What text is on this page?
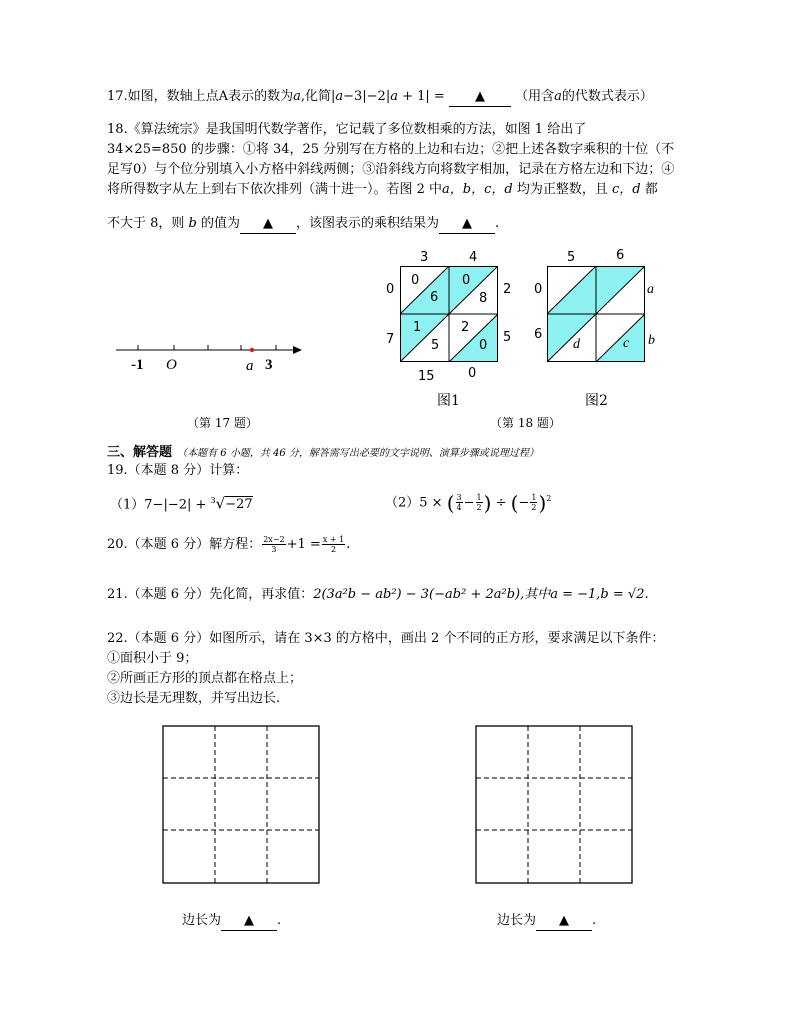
17.如图，数轴上点A表示的数为a,化简|a−3|−2|a + 1| = ▲ （用含a的代数式表示）
18.《算法统宗》是我国明代数学著作，它记载了多位数相乘的方法，如图 1 给出了
34×25=850 的步骤：①将 34，25 分别写在方格的上边和右边；②把上述各数字乘积的十位（不
足写0）与个位分别填入小方格中斜线两侧；③沿斜线方向将数字相加，记录在方格左边和下边；④
将所得数字从左上到右下依次排列（满十进一）。若图 2 中a，b，c，d 均为正整数，且 c，d 都
不大于 8，则 b 的值为 ▲ ，该图表示的乘积结果为 ▲ .
-1 O	a 3
（第 17 题）
3	4
0
7
2
5
15	0
0
6
0
8
1
5
2
0
图1
5	6
0
6
a
b
d	c
图2
（第 18 题）
三、解答题 （本题有 6 小题，共 46 分，解答需写出必要的文字说明、演算步骤或说理过程）
19.（本题 8 分）计算：
（1）7−|−2| + $^3$√−27	（2）5 × ( $\frac{3}{4} - \frac{1}{2}$ ) ÷ (− $\frac{1}{2} )^2$
20.（本题 6 分）解方程： $\frac{2x-2}{3} +1 = \frac{x + 1}{2}$ .
21.（本题 6 分）先化简，再求值：2(3a²b − ab²) − 3(−ab² + 2a²b),其中a = −1,b = √2.
22.（本题 6 分）如图所示，请在 3×3 的方格中，画出 2 个不同的正方形，要求满足以下条件：
①面积小于 9；
②所画正方形的顶点都在格点上；
③边长是无理数，并写出边长.
边长为 ▲ .	边长为 ▲ .
